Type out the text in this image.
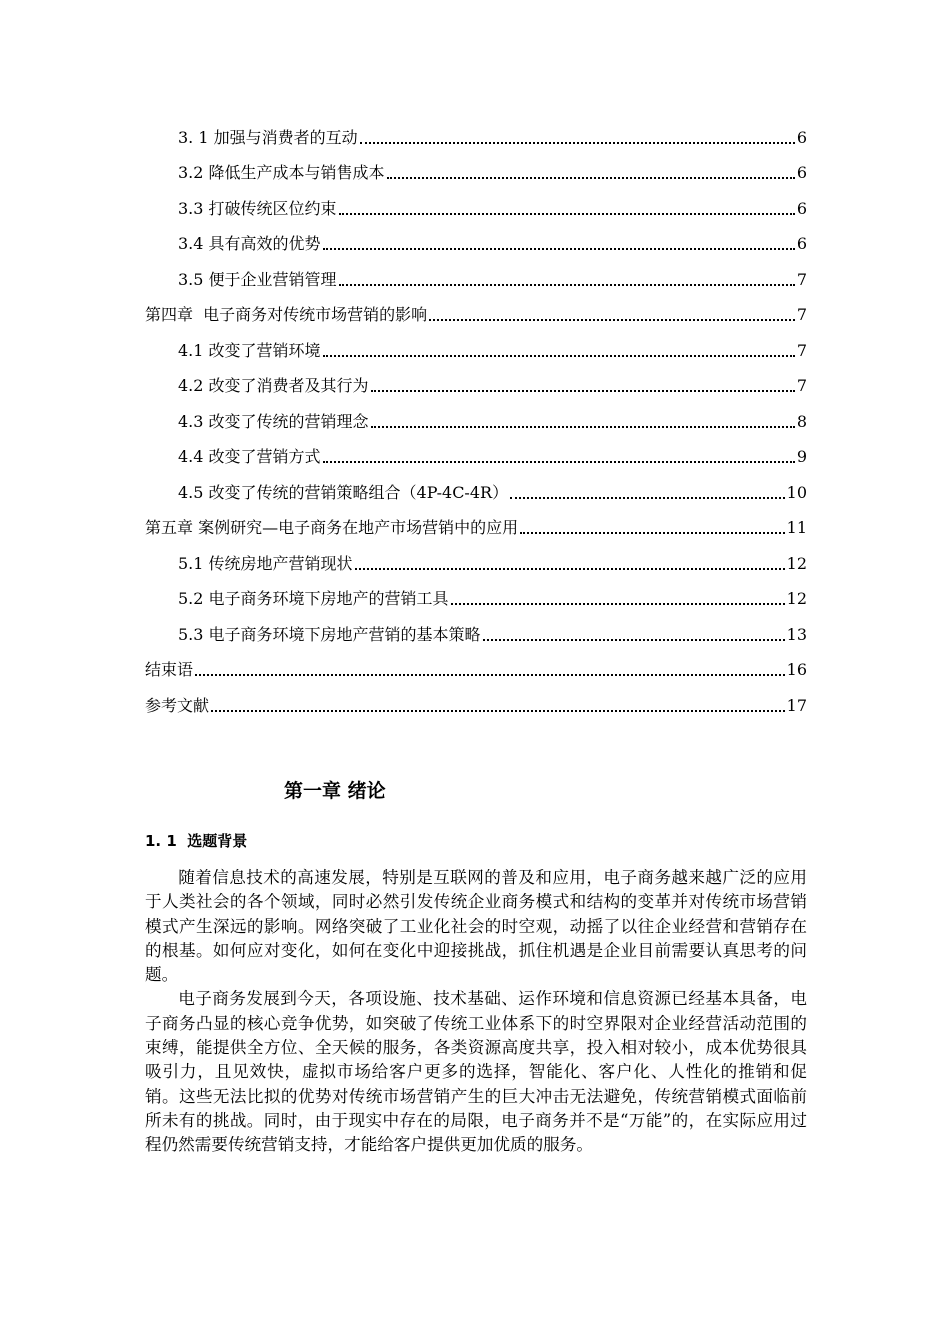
3. 1 加强与消费者的互动	6
3.2 降低生产成本与销售成本	6
3.3 打破传统区位约束	6
3.4 具有高效的优势	6
3.5 便于企业营销管理	7
第四章  电子商务对传统市场营销的影响	7
4.1 改变了营销环境	7
4.2 改变了消费者及其行为	7
4.3 改变了传统的营销理念	8
4.4 改变了营销方式	9
4.5 改变了传统的营销策略组合（4P-4C-4R）	10
第五章 案例研究—电子商务在地产市场营销中的应用	11
5.1 传统房地产营销现状	12
5.2 电子商务环境下房地产的营销工具	12
5.3 电子商务环境下房地产营销的基本策略	13
结束语	16
参考文献	17
第一章 绪论
1. 1  选题背景

随着信息技术的高速发展，特别是互联网的普及和应用，电子商务越来越广泛的应用于人类社会的各个领域，同时必然引发传统企业商务模式和结构的变革并对传统市场营销模式产生深远的影响。网络突破了工业化社会的时空观，动摇了以往企业经营和营销存在的根基。如何应对变化，如何在变化中迎接挑战，抓住机遇是企业目前需要认真思考的问题。

电子商务发展到今天，各项设施、技术基础、运作环境和信息资源已经基本具备，电子商务凸显的核心竞争优势，如突破了传统工业体系下的时空界限对企业经营活动范围的束缚，能提供全方位、全天候的服务，各类资源高度共享，投入相对较小，成本优势很具吸引力，且见效快，虚拟市场给客户更多的选择，智能化、客户化、人性化的推销和促销。这些无法比拟的优势对传统市场营销产生的巨大冲击无法避免，传统营销模式面临前所未有的挑战。同时，由于现实中存在的局限，电子商务并不是“万能”的，在实际应用过程仍然需要传统营销支持，才能给客户提供更加优质的服务。
